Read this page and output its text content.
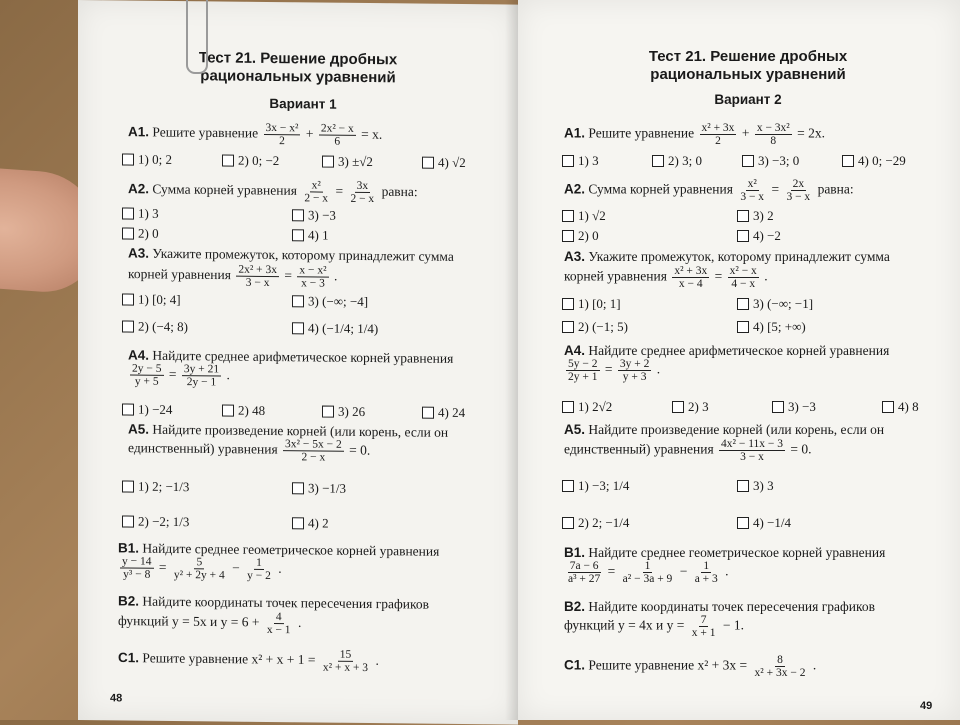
Тест 21. Решение дробных
рациональных уравнений
Вариант 1
A1. Решите уравнение $\frac{\text{3x − x²}}{2} + \frac{\text{2x² − x}}{6} = x$.
1) 0; 2	2) 0; −2	3) ±√2	4) √2
A2. Сумма корней уравнения $\frac{\text{x²}}{2 - x} = \frac{3x}{2 - x}$ равна:
1) 3	3) −3
2) 0	4) 1
A3. Укажите промежуток, которому принадлежит сумма
корней уравнения $\frac{\text{2x² + 3x}}{3 - x} = \frac{\text{x − x²}}{x - 3}$ .
1) [0; 4]	3) (−∞; −4]
2) (−4; 8)	4) (−1/4; 1/4)
A4. Найдите среднее арифметическое корней уравнения
$\frac{2y - 5}{y + 5} = \frac{3y + 21}{2y - 1}$ .
1) −24	2) 48	3) 26	4) 24
A5. Найдите произведение корней (или корень, если он
единственный) уравнения $\frac{\text{3x² − 5x − 2}}{2 - x} = 0$.
1) 2; −1/3	3) −1/3
2) −2; 1/3	4) 2
B1. Найдите среднее геометрическое корней уравнения
$\frac{y - 14}{\text{y³ − 8}} = \frac{5}{\text{y² + 2y + 4}} - \frac{1}{y - 2}$ .
B2. Найдите координаты точек пересечения графиков
функций y = 5x и $y = 6 + \frac{4}{x - 1}$ .
C1. Решите уравнение $x^2 + x + 1 = \frac{15}{\text{x² + x + 3}}$ .
48
Тест 21. Решение дробных
рациональных уравнений
Вариант 2
A1. Решите уравнение $\frac{\text{x² + 3x}}{2} + \frac{\text{x − 3x²}}{8} = 2x$.
1) 3	2) 3; 0	3) −3; 0	4) 0; −29
A2. Сумма корней уравнения $\frac{\text{x²}}{3 - x} = \frac{2x}{3 - x}$ равна:
1) √2	3) 2
2) 0	4) −2
A3. Укажите промежуток, которому принадлежит сумма
корней уравнения $\frac{\text{x² + 3x}}{x - 4} = \frac{\text{x² − x}}{4 - x}$ .
1) [0; 1]	3) (−∞; −1]
2) (−1; 5)	4) [5; +∞)
A4. Найдите среднее арифметическое корней уравнения
$\frac{5y - 2}{2y + 1} = \frac{3y + 2}{y + 3}$ .
1) 2√2	2) 3	3) −3	4) 8
A5. Найдите произведение корней (или корень, если он
единственный) уравнения $\frac{\text{4x² − 11x − 3}}{3 - x} = 0$.
1) −3; 1/4	3) 3
2) 2; −1/4	4) −1/4
B1. Найдите среднее геометрическое корней уравнения
$\frac{7a - 6}{\text{a³ + 27}} = \frac{1}{\text{a² − 3a + 9}} - \frac{1}{a + 3}$ .
B2. Найдите координаты точек пересечения графиков
функций y = 4x и $y = \frac{7}{x + 1} - 1$.
C1. Решите уравнение $x^2 + 3x = \frac{8}{\text{x² + 3x − 2}}$ .
49
